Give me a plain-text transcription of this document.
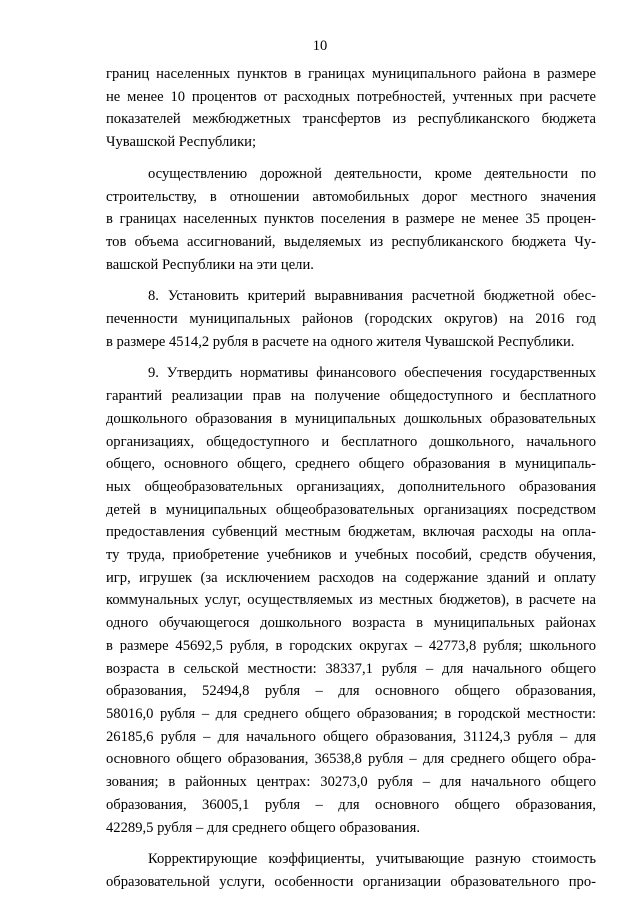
10
границ населенных пунктов в границах муниципального района в размере
не менее 10 процентов от расходных потребностей, учтенных при расчете
показателей межбюджетных трансфертов из республиканского бюджета
Чувашской Республики;
осуществлению дорожной деятельности, кроме деятельности по
строительству, в отношении автомобильных дорог местного значения
в границах населенных пунктов поселения в размере не менее 35 процен-
тов объема ассигнований, выделяемых из республиканского бюджета Чу-
вашской Республики на эти цели.
8. Установить критерий выравнивания расчетной бюджетной обес-
печенности муниципальных районов (городских округов) на 2016 год
в размере 4514,2 рубля в расчете на одного жителя Чувашской Республики.
9. Утвердить нормативы финансового обеспечения государственных
гарантий реализации прав на получение общедоступного и бесплатного
дошкольного образования в муниципальных дошкольных образовательных
организациях, общедоступного и бесплатного дошкольного, начального
общего, основного общего, среднего общего образования в муниципаль-
ных общеобразовательных организациях, дополнительного образования
детей в муниципальных общеобразовательных организациях посредством
предоставления субвенций местным бюджетам, включая расходы на опла-
ту труда, приобретение учебников и учебных пособий, средств обучения,
игр, игрушек (за исключением расходов на содержание зданий и оплату
коммунальных услуг, осуществляемых из местных бюджетов), в расчете на
одного обучающегося дошкольного возраста в муниципальных районах
в размере 45692,5 рубля, в городских округах – 42773,8 рубля; школьного
возраста в сельской местности: 38337,1 рубля – для начального общего
образования, 52494,8 рубля – для основного общего образования,
58016,0 рубля – для среднего общего образования; в городской местности:
26185,6 рубля – для начального общего образования, 31124,3 рубля – для
основного общего образования, 36538,8 рубля – для среднего общего обра-
зования; в районных центрах: 30273,0 рубля – для начального общего
образования, 36005,1 рубля – для основного общего образования,
42289,5 рубля – для среднего общего образования.
Корректирующие коэффициенты, учитывающие разную стоимость
образовательной услуги, особенности организации образовательного про-
